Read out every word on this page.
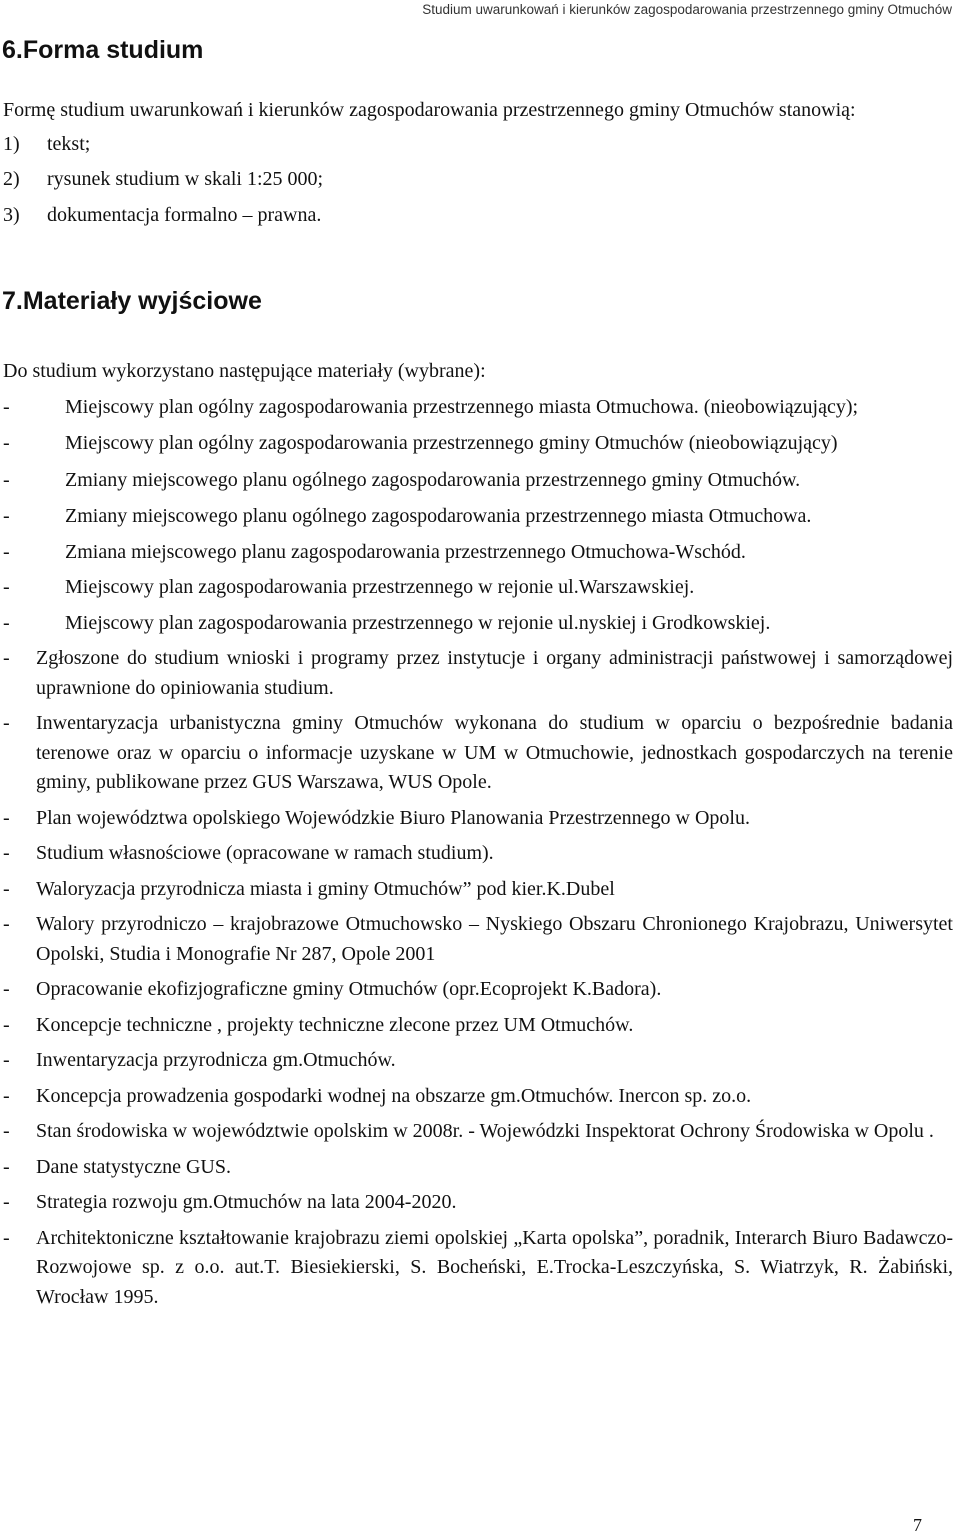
Studium uwarunkowań i kierunków zagospodarowania przestrzennego gminy Otmuchów
6.Forma studium

Formę studium uwarunkowań i kierunków zagospodarowania przestrzennego gminy Otmuchów stanowią:

1)	tekst;
2)	rysunek studium w skali 1:25 000;
3)	dokumentacja formalno – prawna.
7.Materiały wyjściowe

Do studium wykorzystano następujące materiały (wybrane):

-	Miejscowy plan ogólny zagospodarowania przestrzennego miasta Otmuchowa. (nieobowiązujący);
-	Miejscowy plan ogólny zagospodarowania przestrzennego gminy Otmuchów (nieobowiązujący)
-	Zmiany miejscowego planu ogólnego zagospodarowania przestrzennego gminy Otmuchów.
-	Zmiany miejscowego planu ogólnego zagospodarowania przestrzennego miasta Otmuchowa.
-	Zmiana miejscowego planu zagospodarowania przestrzennego Otmuchowa-Wschód.
-	Miejscowy plan zagospodarowania przestrzennego w rejonie ul.Warszawskiej.
-	Miejscowy plan zagospodarowania przestrzennego w rejonie ul.nyskiej i Grodkowskiej.
-	Zgłoszone do studium wnioski i programy przez instytucje i organy administracji państwowej i samorządowej uprawnione do opiniowania studium.
-	Inwentaryzacja urbanistyczna gminy Otmuchów wykonana do studium w oparciu o bezpośrednie badania terenowe oraz w oparciu o informacje uzyskane w UM w Otmuchowie, jednostkach gospodarczych na terenie gminy, publikowane przez GUS Warszawa, WUS Opole.
-	Plan województwa opolskiego Wojewódzkie Biuro Planowania Przestrzennego w Opolu.
-	Studium własnościowe (opracowane w ramach studium).
-	Waloryzacja przyrodnicza miasta i gminy Otmuchów” pod kier.K.Dubel
-	Walory przyrodniczo – krajobrazowe Otmuchowsko – Nyskiego Obszaru Chronionego Krajobrazu, Uniwersytet Opolski, Studia i Monografie Nr 287, Opole 2001
-	Opracowanie ekofizjograficzne gminy Otmuchów (opr.Ecoprojekt K.Badora).
-	Koncepcje techniczne , projekty techniczne zlecone przez UM Otmuchów.
-	Inwentaryzacja przyrodnicza gm.Otmuchów.
-	Koncepcja prowadzenia gospodarki wodnej na obszarze gm.Otmuchów. Inercon sp. zo.o.
-	Stan środowiska w województwie opolskim w 2008r. - Wojewódzki Inspektorat Ochrony Środowiska w Opolu .
-	Dane statystyczne GUS.
-	Strategia rozwoju gm.Otmuchów na lata 2004-2020.
-	Architektoniczne kształtowanie krajobrazu ziemi opolskiej „Karta opolska”, poradnik, Interarch Biuro Badawczo-Rozwojowe sp. z o.o. aut.T. Biesiekierski, S. Bocheński, E.Trocka-Leszczyńska, S. Wiatrzyk, R. Żabiński, Wrocław 1995.
7
